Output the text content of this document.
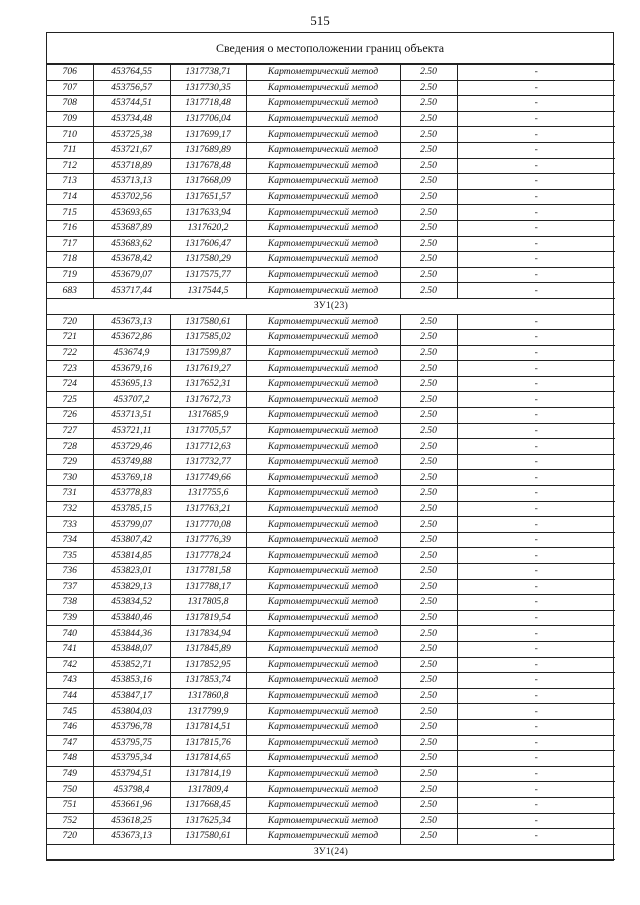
515
Сведения о местоположении границ объекта
706	453764,55	1317738,71	Картометрический метод	2.50	-
707	453756,57	1317730,35	Картометрический метод	2.50	-
708	453744,51	1317718,48	Картометрический метод	2.50	-
709	453734,48	1317706,04	Картометрический метод	2.50	-
710	453725,38	1317699,17	Картометрический метод	2.50	-
711	453721,67	1317689,89	Картометрический метод	2.50	-
712	453718,89	1317678,48	Картометрический метод	2.50	-
713	453713,13	1317668,09	Картометрический метод	2.50	-
714	453702,56	1317651,57	Картометрический метод	2.50	-
715	453693,65	1317633,94	Картометрический метод	2.50	-
716	453687,89	1317620,2	Картометрический метод	2.50	-
717	453683,62	1317606,47	Картометрический метод	2.50	-
718	453678,42	1317580,29	Картометрический метод	2.50	-
719	453679,07	1317575,77	Картометрический метод	2.50	-
683	453717,44	1317544,5	Картометрический метод	2.50	-
ЗУ1(23)					
720	453673,13	1317580,61	Картометрический метод	2.50	-
721	453672,86	1317585,02	Картометрический метод	2.50	-
722	453674,9	1317599,87	Картометрический метод	2.50	-
723	453679,16	1317619,27	Картометрический метод	2.50	-
724	453695,13	1317652,31	Картометрический метод	2.50	-
725	453707,2	1317672,73	Картометрический метод	2.50	-
726	453713,51	1317685,9	Картометрический метод	2.50	-
727	453721,11	1317705,57	Картометрический метод	2.50	-
728	453729,46	1317712,63	Картометрический метод	2.50	-
729	453749,88	1317732,77	Картометрический метод	2.50	-
730	453769,18	1317749,66	Картометрический метод	2.50	-
731	453778,83	1317755,6	Картометрический метод	2.50	-
732	453785,15	1317763,21	Картометрический метод	2.50	-
733	453799,07	1317770,08	Картометрический метод	2.50	-
734	453807,42	1317776,39	Картометрический метод	2.50	-
735	453814,85	1317778,24	Картометрический метод	2.50	-
736	453823,01	1317781,58	Картометрический метод	2.50	-
737	453829,13	1317788,17	Картометрический метод	2.50	-
738	453834,52	1317805,8	Картометрический метод	2.50	-
739	453840,46	1317819,54	Картометрический метод	2.50	-
740	453844,36	1317834,94	Картометрический метод	2.50	-
741	453848,07	1317845,89	Картометрический метод	2.50	-
742	453852,71	1317852,95	Картометрический метод	2.50	-
743	453853,16	1317853,74	Картометрический метод	2.50	-
744	453847,17	1317860,8	Картометрический метод	2.50	-
745	453804,03	1317799,9	Картометрический метод	2.50	-
746	453796,78	1317814,51	Картометрический метод	2.50	-
747	453795,75	1317815,76	Картометрический метод	2.50	-
748	453795,34	1317814,65	Картометрический метод	2.50	-
749	453794,51	1317814,19	Картометрический метод	2.50	-
750	453798,4	1317809,4	Картометрический метод	2.50	-
751	453661,96	1317668,45	Картометрический метод	2.50	-
752	453618,25	1317625,34	Картометрический метод	2.50	-
720	453673,13	1317580,61	Картометрический метод	2.50	-
ЗУ1(24)					
